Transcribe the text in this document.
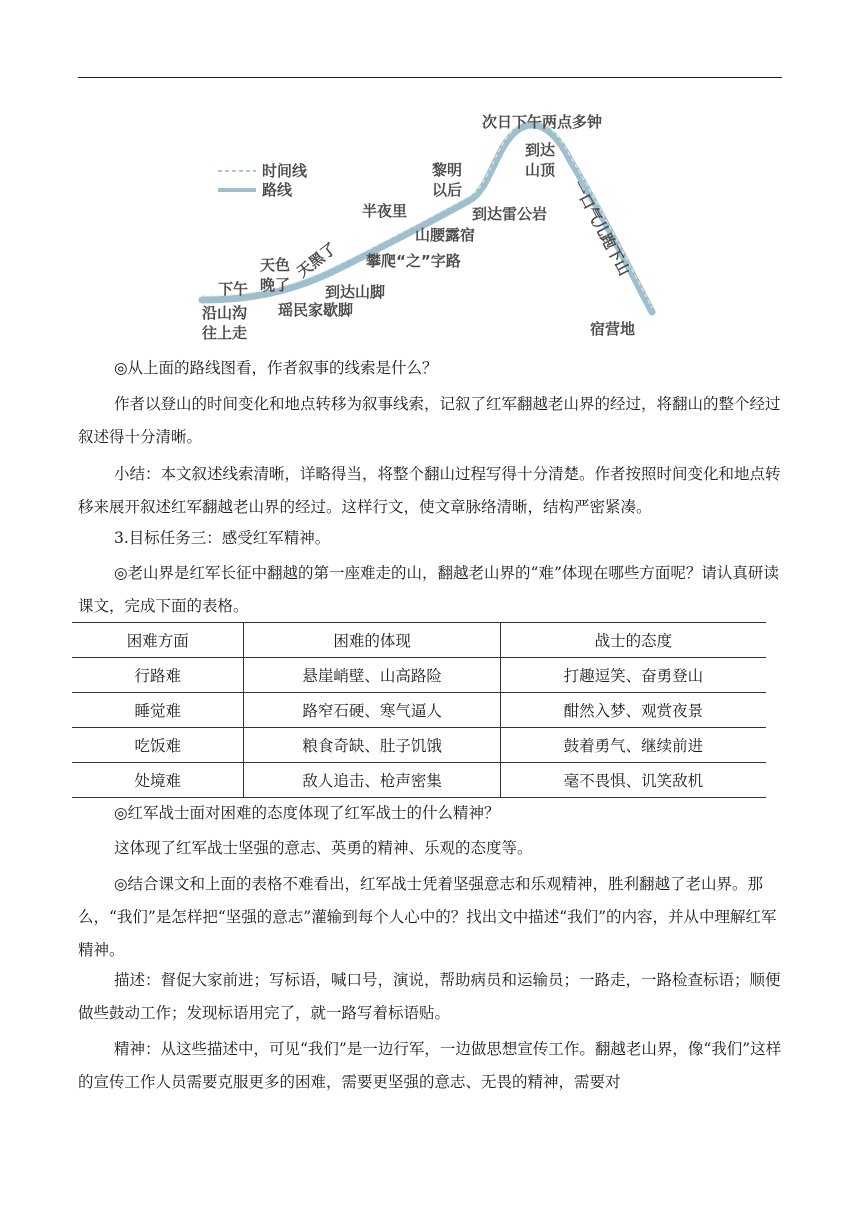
时间线
路线
下午
沿山沟
往上走
天色
晚了
天黑了
到达山脚
瑶民家歇脚
半夜里
攀爬“之”字路
山腰露宿
黎明
以后
到达雷公岩
次日下午两点多钟
到达
山顶
一口气儿跑下山
宿营地

◎从上面的路线图看，作者叙事的线索是什么？

作者以登山的时间变化和地点转移为叙事线索，记叙了红军翻越老山界的经过，将翻山的整个经过叙述得十分清晰。

小结：本文叙述线索清晰，详略得当，将整个翻山过程写得十分清楚。作者按照时间变化和地点转移来展开叙述红军翻越老山界的经过。这样行文，使文章脉络清晰，结构严密紧凑。

3.目标任务三：感受红军精神。

◎老山界是红军长征中翻越的第一座难走的山，翻越老山界的“难”体现在哪些方面呢？请认真研读课文，完成下面的表格。

困难方面	困难的体现	战士的态度
行路难	悬崖峭壁、山高路险	打趣逗笑、奋勇登山
睡觉难	路窄石硬、寒气逼人	酣然入梦、观赏夜景
吃饭难	粮食奇缺、肚子饥饿	鼓着勇气、继续前进
处境难	敌人追击、枪声密集	毫不畏惧、讥笑敌机

◎红军战士面对困难的态度体现了红军战士的什么精神？

这体现了红军战士坚强的意志、英勇的精神、乐观的态度等。

◎结合课文和上面的表格不难看出，红军战士凭着坚强意志和乐观精神，胜利翻越了老山界。那么，“我们”是怎样把“坚强的意志”灌输到每个人心中的？找出文中描述“我们”的内容，并从中理解红军精神。

描述：督促大家前进；写标语，喊口号，演说，帮助病员和运输员；一路走，一路检查标语；顺便做些鼓动工作；发现标语用完了，就一路写着标语贴。

精神：从这些描述中，可见“我们”是一边行军，一边做思想宣传工作。翻越老山界，像“我们”这样的宣传工作人员需要克服更多的困难，需要更坚强的意志、无畏的精神，需要对
